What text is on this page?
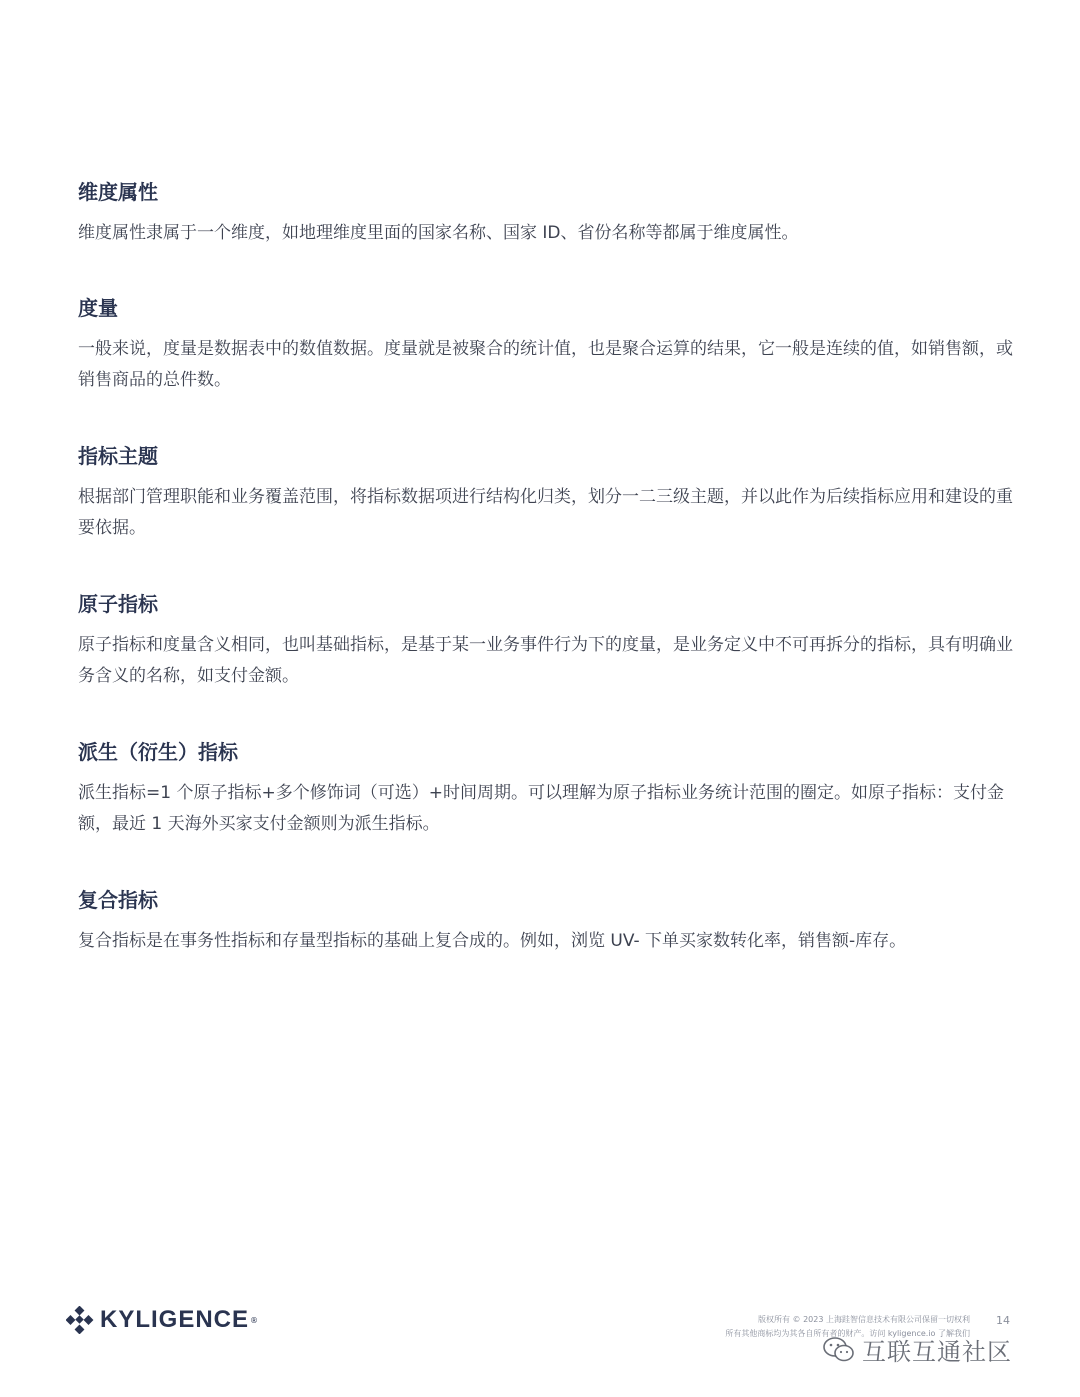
维度属性

维度属性隶属于一个维度，如地理维度里面的国家名称、国家 ID、省份名称等都属于维度属性。

度量

一般来说，度量是数据表中的数值数据。度量就是被聚合的统计值，也是聚合运算的结果，它一般是连续的值，如销售额，或销售商品的总件数。

指标主题

根据部门管理职能和业务覆盖范围，将指标数据项进行结构化归类，划分一二三级主题，并以此作为后续指标应用和建设的重要依据。

原子指标

原子指标和度量含义相同，也叫基础指标，是基于某一业务事件行为下的度量，是业务定义中不可再拆分的指标，具有明确业务含义的名称，如支付金额。

派生（衍生）指标

派生指标=1 个原子指标+多个修饰词（可选）+时间周期。可以理解为原子指标业务统计范围的圈定。如原子指标：支付金额，最近 1 天海外买家支付金额则为派生指标。

复合指标

复合指标是在事务性指标和存量型指标的基础上复合成的。例如，浏览 UV- 下单买家数转化率，销售额-库存。

KYLIGENCE ®	版权所有 © 2023 上海跬智信息技术有限公司保留一切权利
所有其他商标均为其各自所有者的财产。访问 kyligence.io 了解我们
14
互联互通社区
